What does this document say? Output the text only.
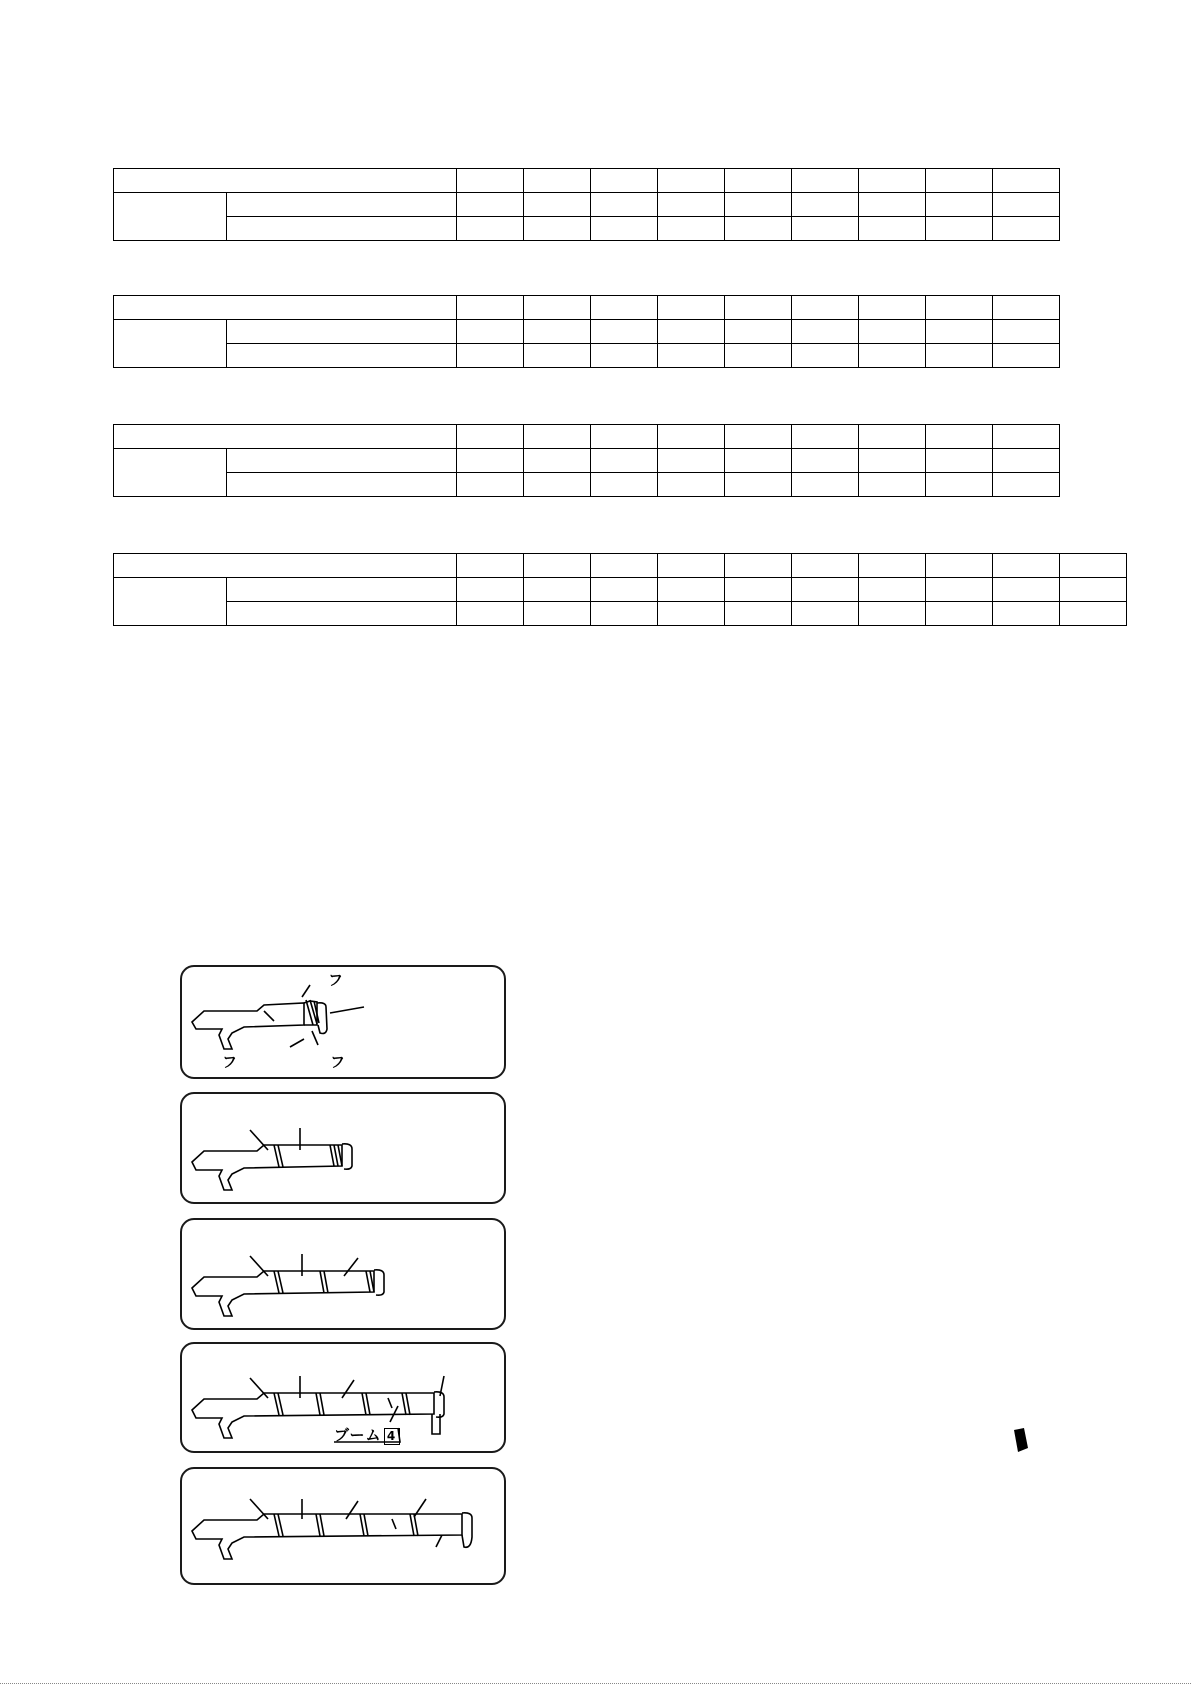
フ
フ	フ
ブーム 4
